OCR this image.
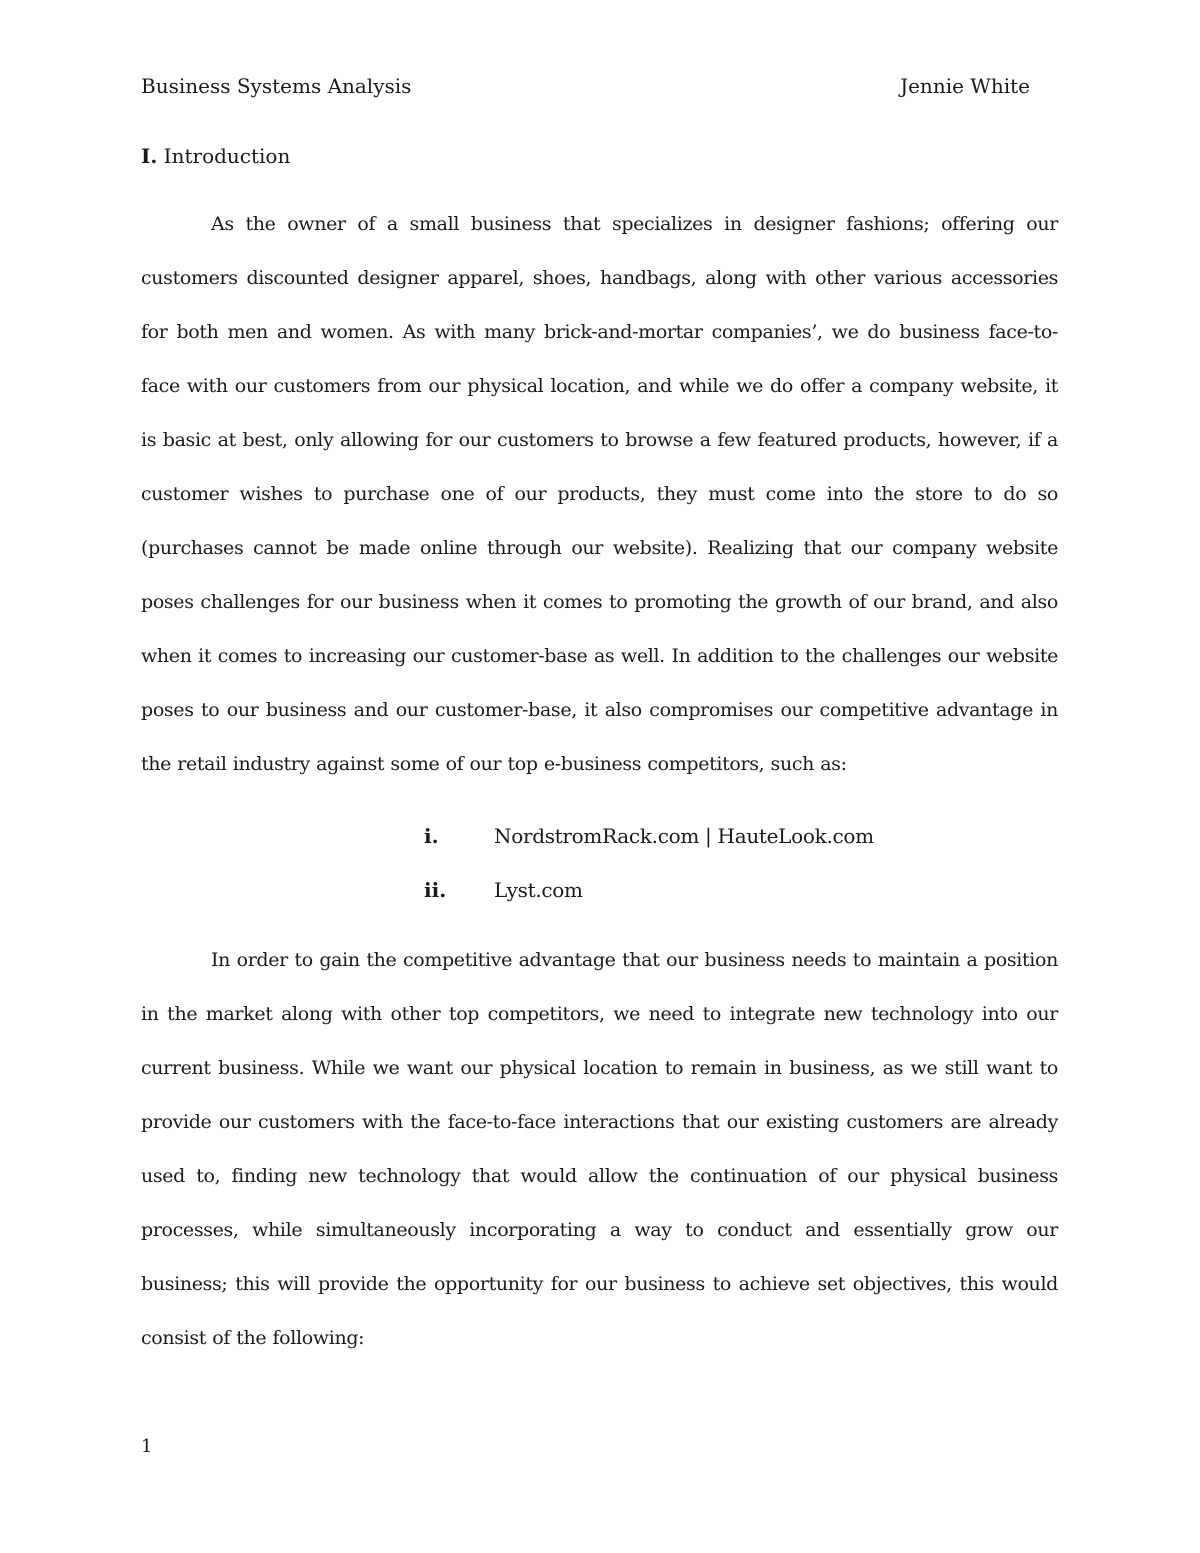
Business Systems Analysis	Jennie White
I. Introduction

As the owner of a small business that specializes in designer fashions; offering our customers discounted designer apparel, shoes, handbags, along with other various accessories for both men and women. As with many brick-and-mortar companies’, we do business face-to-face with our customers from our physical location, and while we do offer a company website, it is basic at best, only allowing for our customers to browse a few featured products, however, if a customer wishes to purchase one of our products, they must come into the store to do so (purchases cannot be made online through our website). Realizing that our company website poses challenges for our business when it comes to promoting the growth of our brand, and also when it comes to increasing our customer-base as well. In addition to the challenges our website poses to our business and our customer-base, it also compromises our competitive advantage in the retail industry against some of our top e-business competitors, such as:

i.	NordstromRack.com | HauteLook.com
ii. Lyst.com

In order to gain the competitive advantage that our business needs to maintain a position in the market along with other top competitors, we need to integrate new technology into our current business. While we want our physical location to remain in business, as we still want to provide our customers with the face-to-face interactions that our existing customers are already used to, finding new technology that would allow the continuation of our physical business processes, while simultaneously incorporating a way to conduct and essentially grow our business; this will provide the opportunity for our business to achieve set objectives, this would consist of the following:

1
